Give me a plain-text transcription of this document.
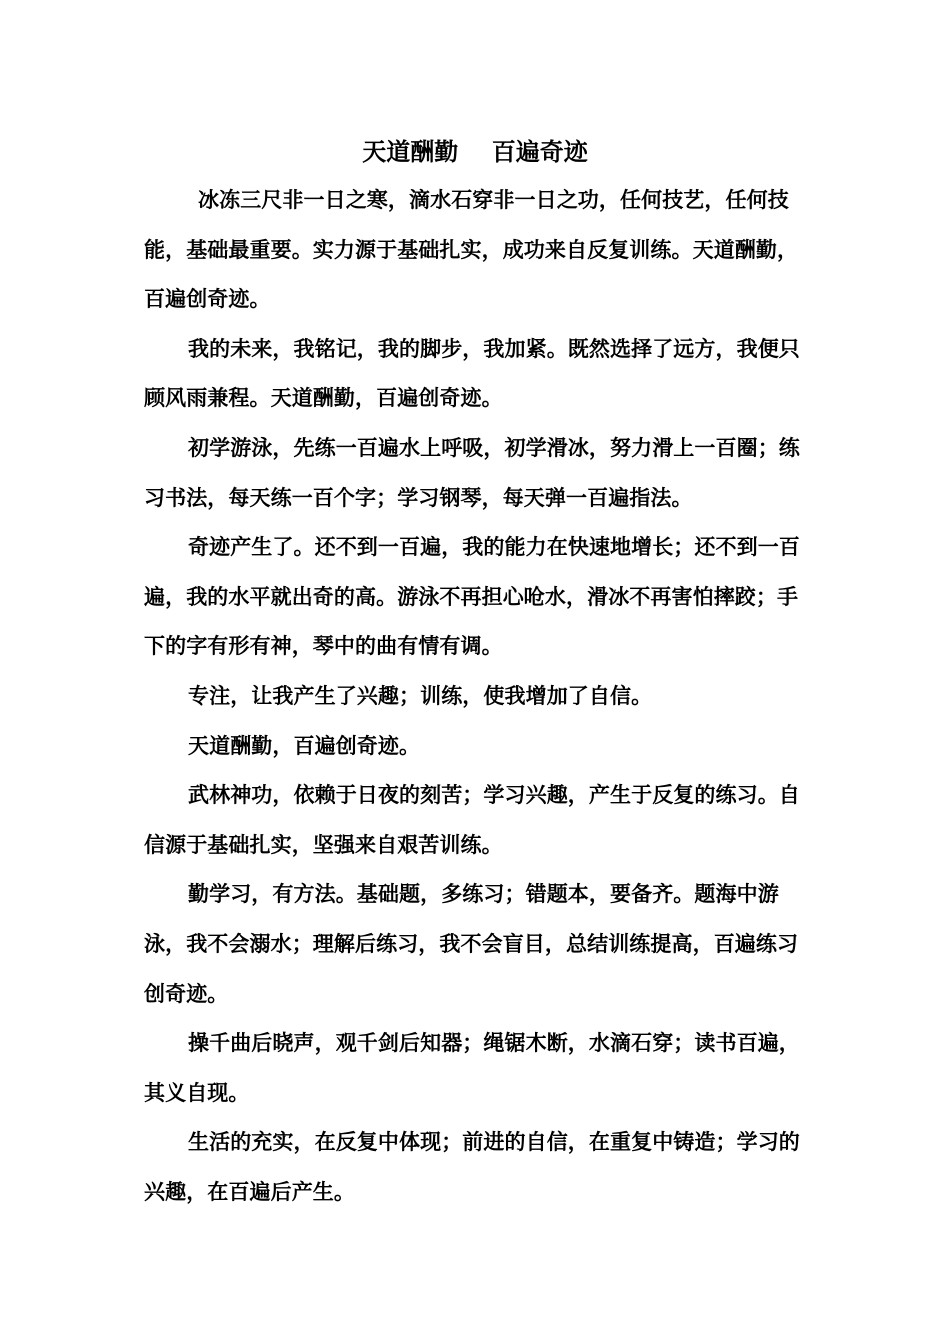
天道酬勤    百遍奇迹

冰冻三尺非一日之寒，滴水石穿非一日之功，任何技艺，任何技能，基础最重要。实力源于基础扎实，成功来自反复训练。天道酬勤，百遍创奇迹。

我的未来，我铭记，我的脚步，我加紧。既然选择了远方，我便只顾风雨兼程。天道酬勤，百遍创奇迹。

初学游泳，先练一百遍水上呼吸，初学滑冰，努力滑上一百圈；练习书法，每天练一百个字；学习钢琴，每天弹一百遍指法。

奇迹产生了。还不到一百遍，我的能力在快速地增长；还不到一百遍，我的水平就出奇的高。游泳不再担心呛水，滑冰不再害怕摔跤；手下的字有形有神，琴中的曲有情有调。

专注，让我产生了兴趣；训练，使我增加了自信。

天道酬勤，百遍创奇迹。

武林神功，依赖于日夜的刻苦；学习兴趣，产生于反复的练习。自信源于基础扎实，坚强来自艰苦训练。

勤学习，有方法。基础题，多练习；错题本，要备齐。题海中游泳，我不会溺水；理解后练习，我不会盲目，总结训练提高，百遍练习创奇迹。

操千曲后晓声，观千剑后知器；绳锯木断，水滴石穿；读书百遍，其义自现。

生活的充实，在反复中体现；前进的自信，在重复中铸造；学习的兴趣，在百遍后产生。
